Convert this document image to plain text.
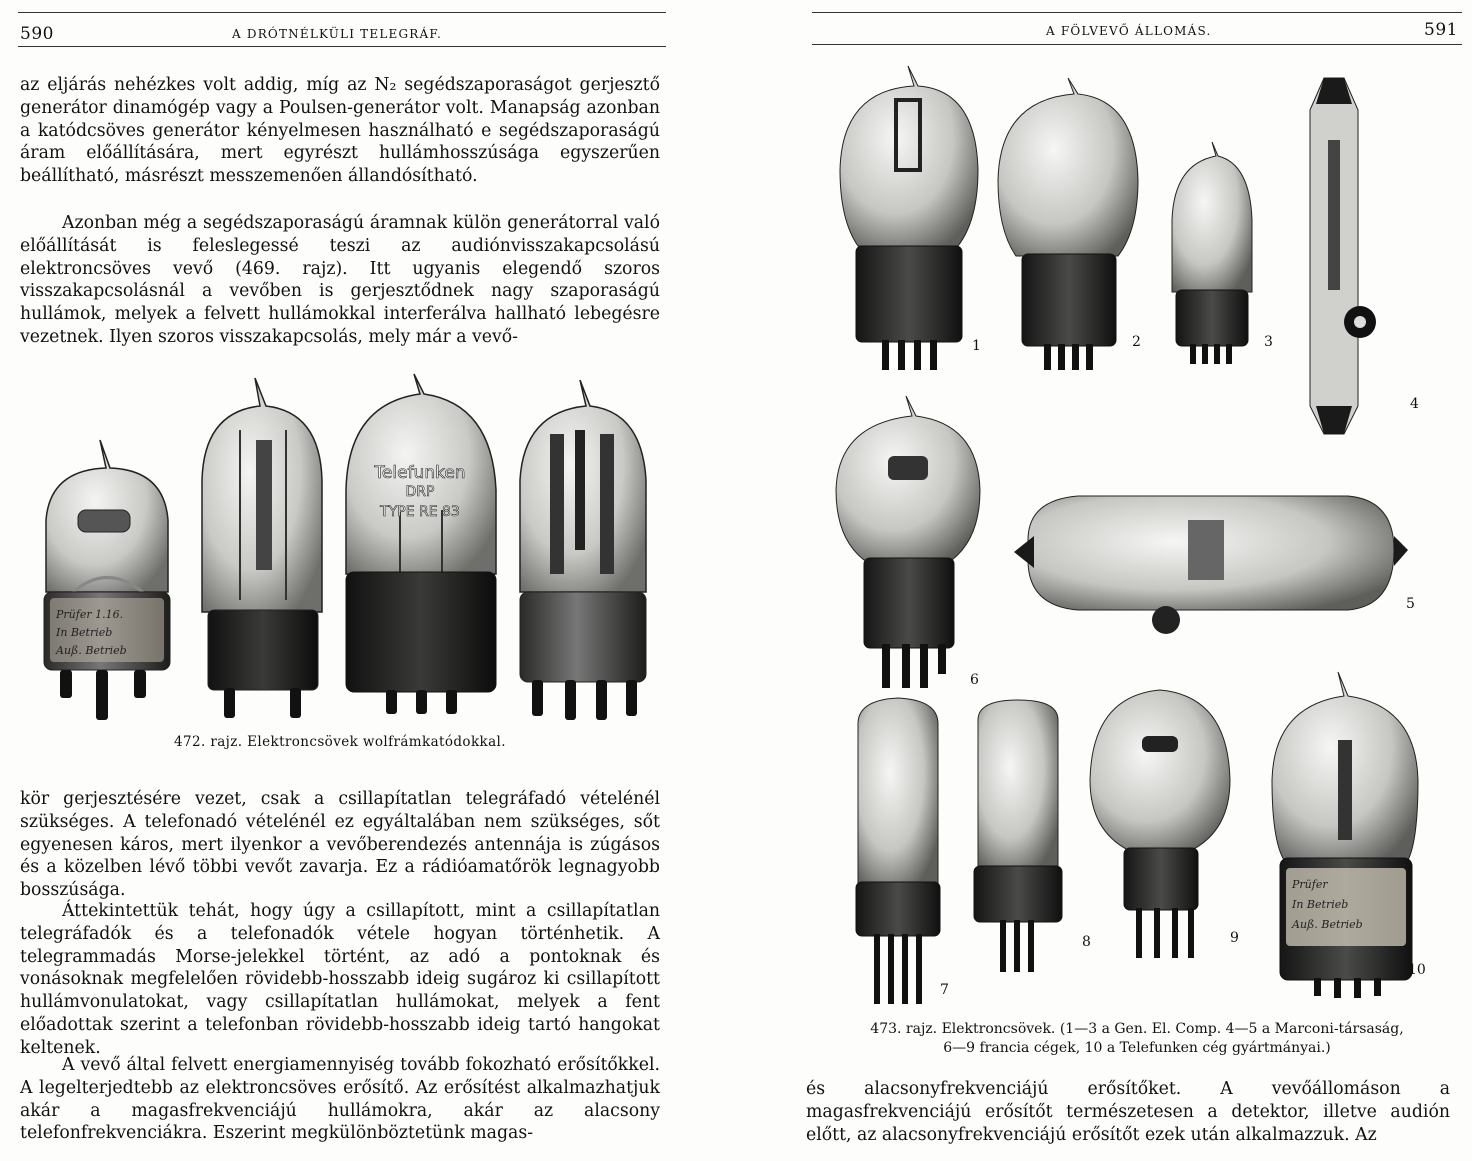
590	A DRÓTNÉLKÜLI TELEGRÁF.

az eljárás nehézkes volt addig, míg az N₂ segédszaporaságot gerjesztő generátor dinamógép vagy a Poulsen-generátor volt. Manapság azonban a katódcsöves generátor kényelmesen használható e segédszaporaságú áram előállítására, mert egyrészt hullámhosszúsága egyszerűen beállítható, másrészt messzemenően állandósítható.

Azonban még a segédszaporaságú áramnak külön generátorral való előállítását is feleslegessé teszi az audiónvisszakapcsolású elektroncsöves vevő (469. rajz). Itt ugyanis elegendő szoros visszakapcsolásnál a vevőben is gerjesztődnek nagy szaporaságú hullámok, melyek a felvett hullámokkal interferálva hallható lebegésre vezetnek. Ilyen szoros visszakapcsolás, mely már a vevő-

Prüfer 1.16.
In Betrieb
Auß. Betrieb
Telefunken
DRP
TYPE RE 83

472. rajz. Elektroncsövek wolfrámkatódokkal.

kör gerjesztésére vezet, csak a csillapítatlan telegráfadó vételénél szükséges. A telefonadó vételénél ez egyáltalában nem szükséges, sőt egyenesen káros, mert ilyenkor a vevőberendezés antennája is zúgásos és a közelben lévő többi vevőt zavarja. Ez a rádióamatőrök legnagyobb bosszúsága.

Áttekintettük tehát, hogy úgy a csillapított, mint a csillapítatlan telegráfadók és a telefonadók vétele hogyan történhetik. A telegrammadás Morse-jelekkel történt, az adó a pontoknak és vonásoknak megfelelően rövidebb-hosszabb ideig sugároz ki csillapított hullámvonulatokat, vagy csillapítatlan hullámokat, melyek a fent előadottak szerint a telefonban rövidebb-hosszabb ideig tartó hangokat keltenek.

A vevő által felvett energiamennyiség tovább fokozható erősítőkkel. A legelterjedtebb az elektroncsöves erősítő. Az erősítést alkalmazhatjuk akár a magasfrekvenciájú hullámokra, akár az alacsony telefonfrekvenciákra. Eszerint megkülönböztetünk magas-

A FÖLVEVŐ ÁLLOMÁS.	591
1	2	3
4
6
5
7
8	9
Prüfer
In Betrieb
Auß. Betrieb
10

473. rajz. Elektroncsövek. (1—3 a Gen. El. Comp. 4—5 a Marconi-társaság,
6—9 francia cégek, 10 a Telefunken cég gyártmányai.)

és alacsonyfrekvenciájú erősítőket. A vevőállomáson a magasfrekvenciájú erősítőt természetesen a detektor, illetve audión előtt, az alacsonyfrekvenciájú erősítőt ezek után alkalmazzuk. Az
